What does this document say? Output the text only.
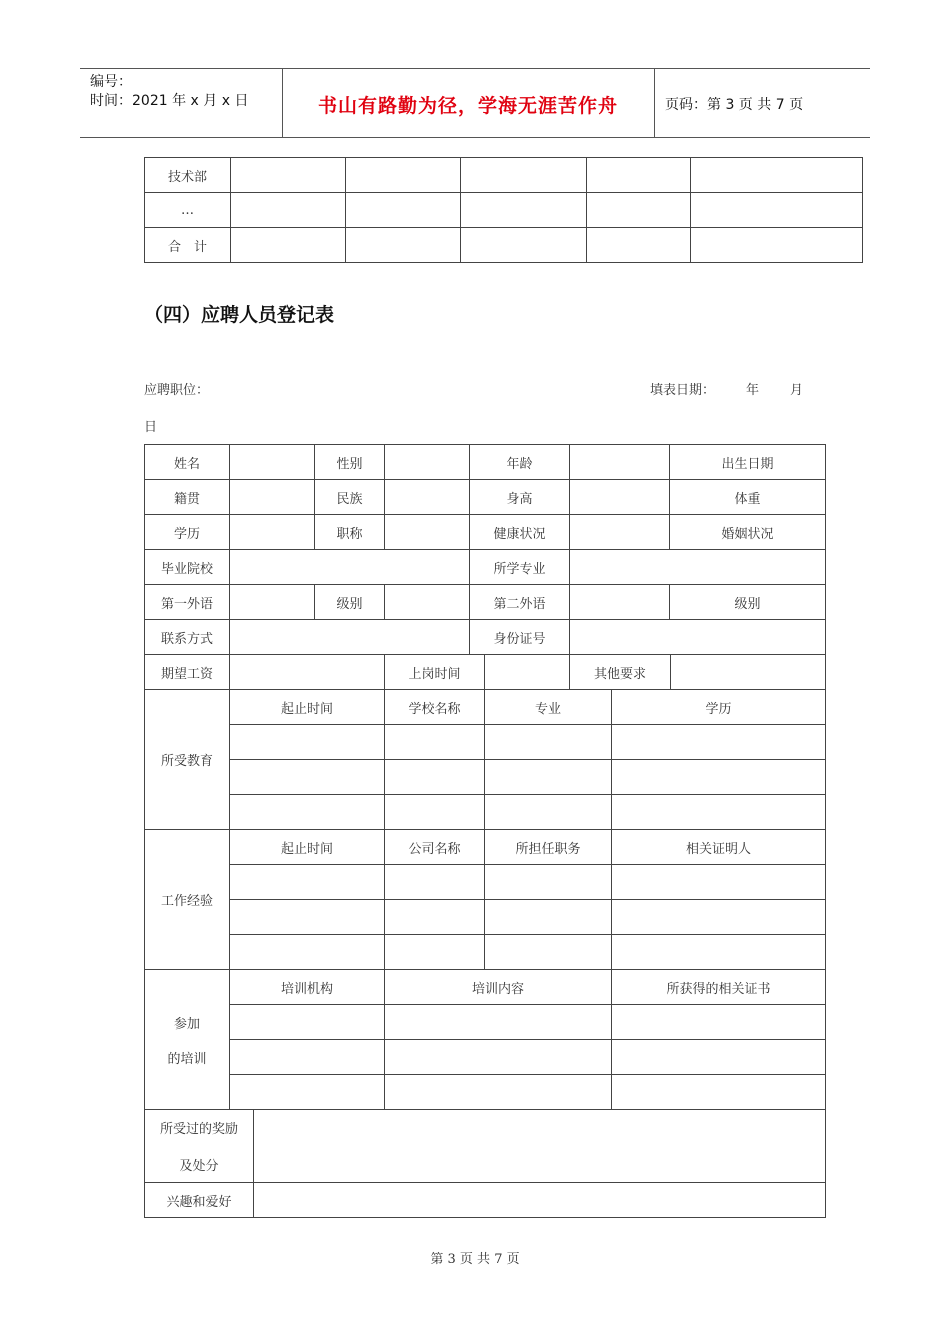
编号：
时间：2021 年 x 月 x 日	书山有路勤为径，学海无涯苦作舟	页码：第 3 页 共 7 页
技术部					
…					
合　计					
（四）应聘人员登记表
应聘职位：	填表日期： 年 月
日
姓名			性别		年龄				出生日期	
籍贯			民族		身高				体重	
学历			职称		健康状况				婚姻状况	
毕业院校					所学专业					
第一外语			级别		第二外语				级别	
联系方式					身份证号					
期望工资				上岗时间			其他要求			
所受教育	起止时间			学校名称		专业		学历		

工作经验	起止时间			公司名称		所担任职务		相关证明人		

参加
的培训	培训机构			培训内容				所获得的相关证书		

所受过的奖励
及处分										

兴趣和爱好										
第 3 页 共 7 页
